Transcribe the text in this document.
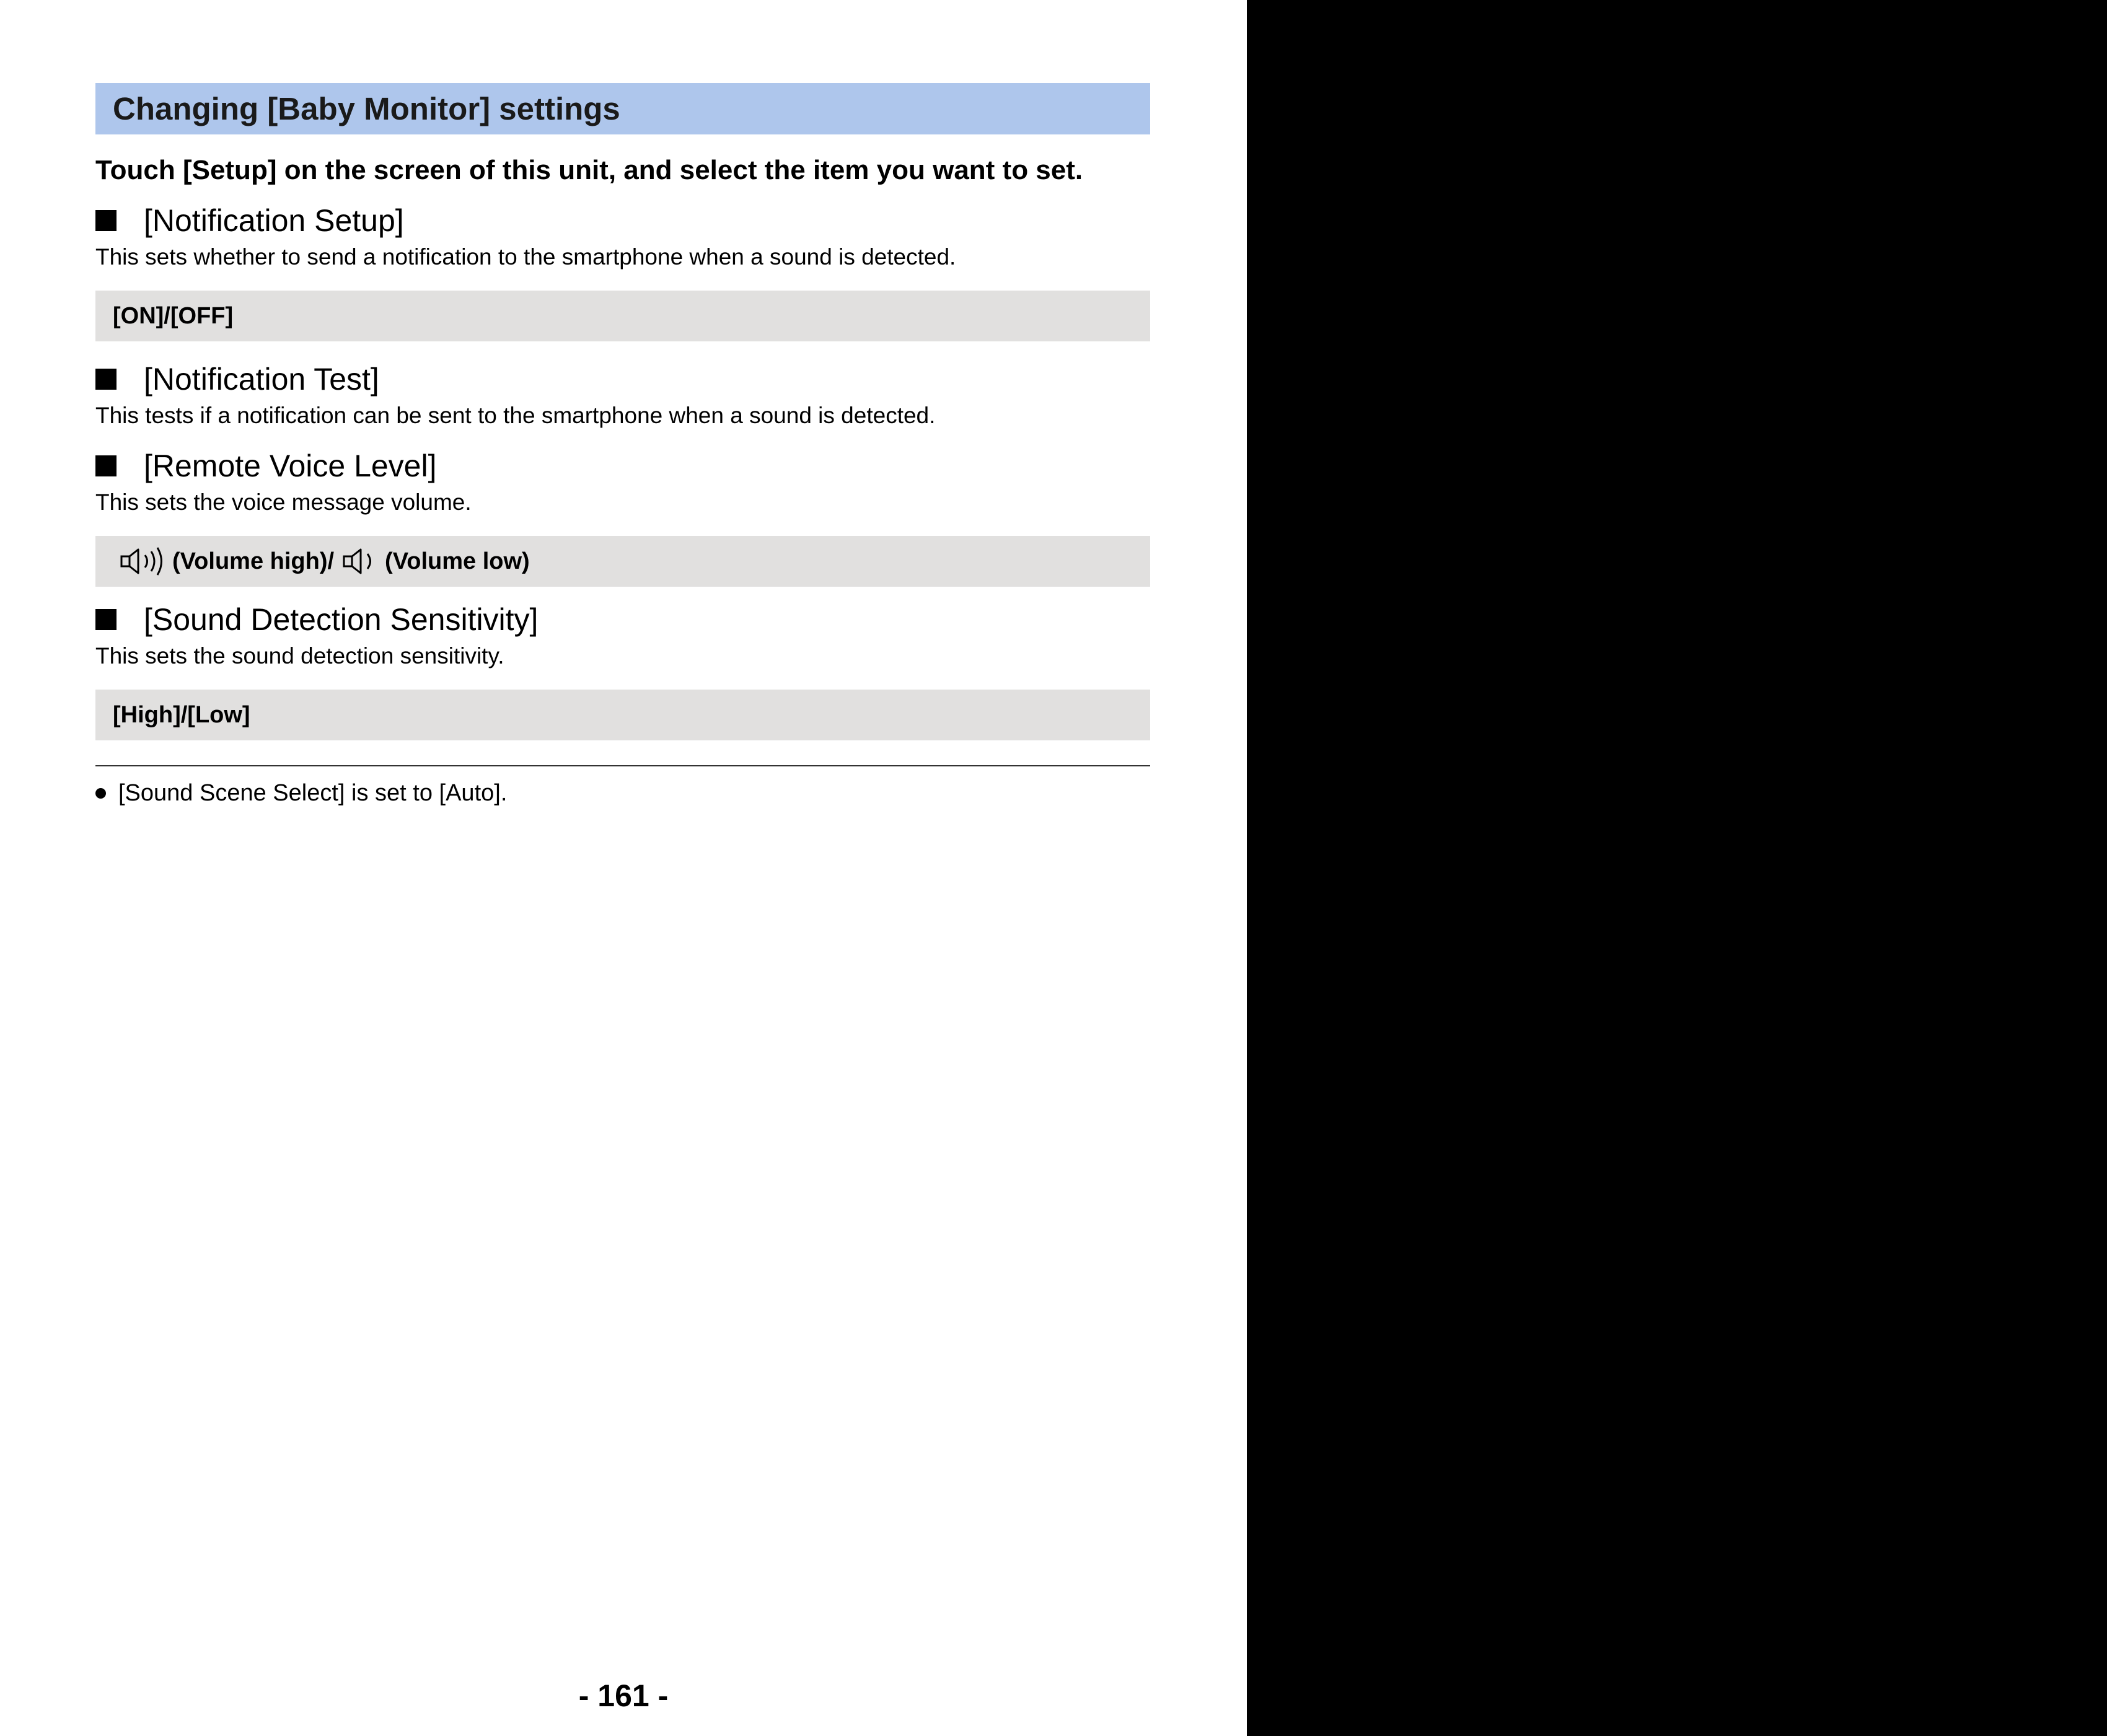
Changing [Baby Monitor] settings
Touch [Setup] on the screen of this unit, and select the item you want to set.
[Notification Setup]
This sets whether to send a notification to the smartphone when a sound is detected.
[ON]/[OFF]
[Notification Test]
This tests if a notification can be sent to the smartphone when a sound is detected.
[Remote Voice Level]
This sets the voice message volume.
(Volume high)/ (Volume low)
[Sound Detection Sensitivity]
This sets the sound detection sensitivity.
[High]/[Low]
[Sound Scene Select] is set to [Auto].
- 161 -
